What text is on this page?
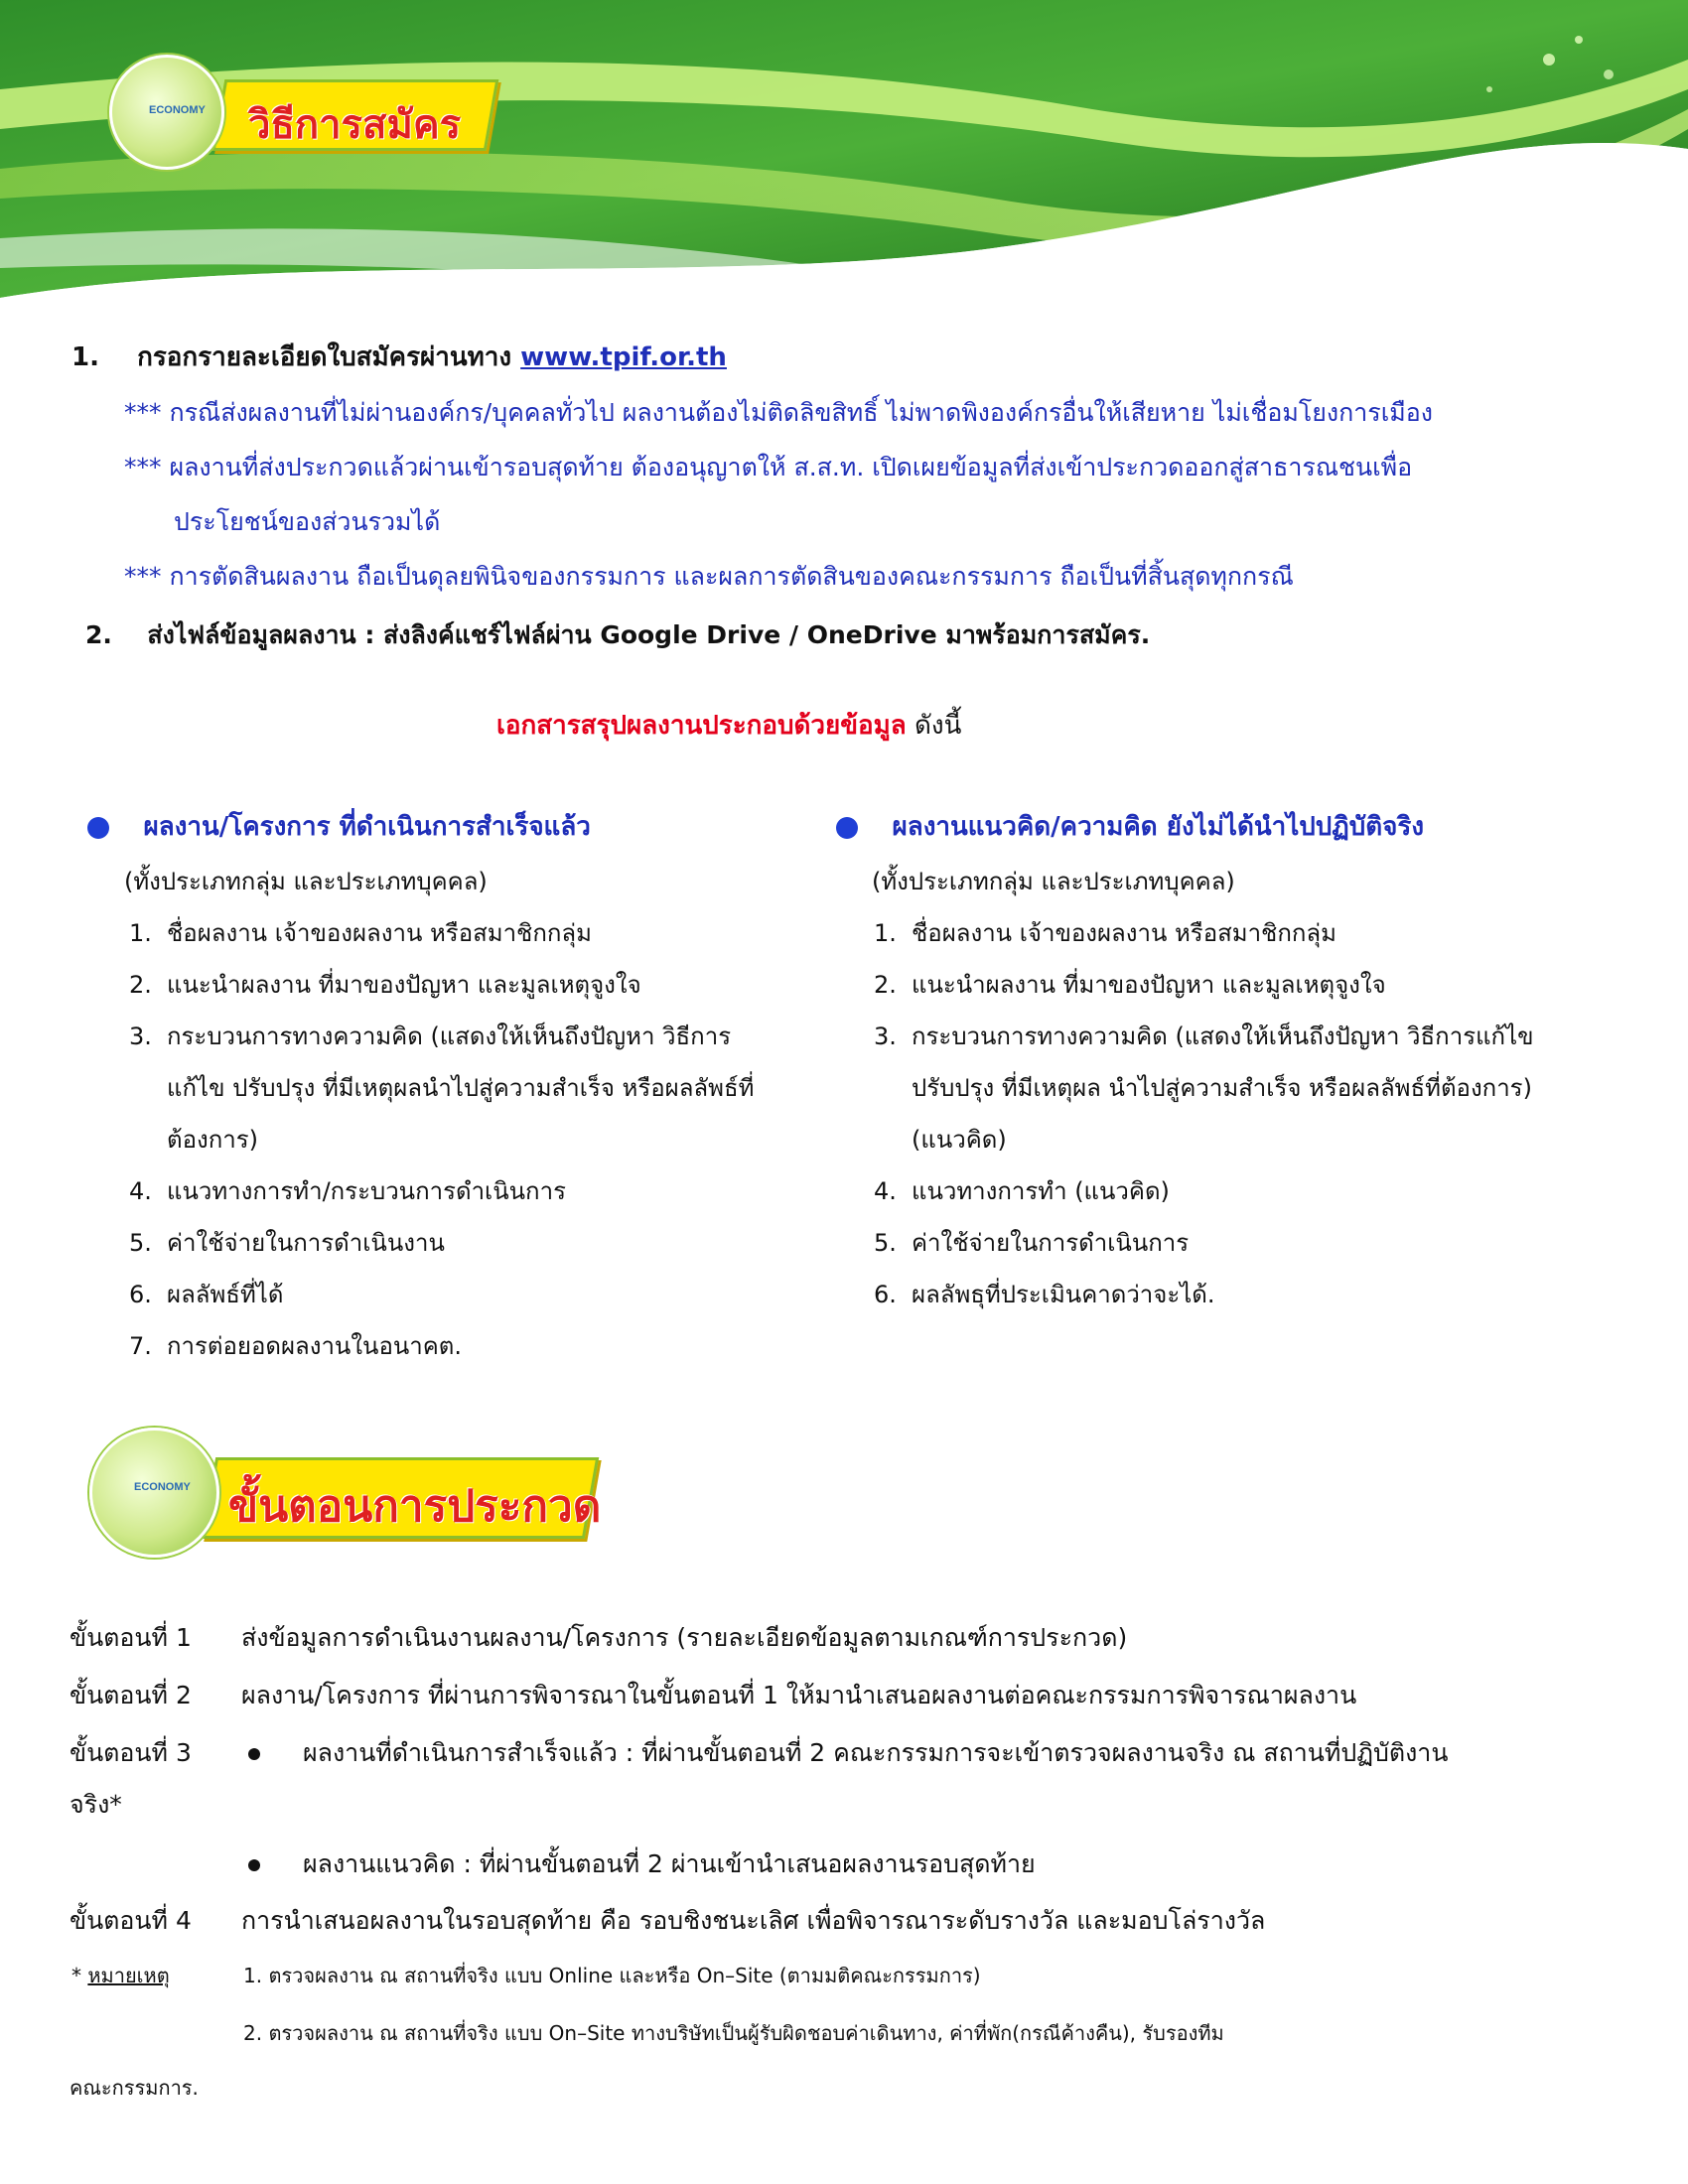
วิธีการสมัคร
ECONOMY
1. กรอกรายละเอียดใบสมัครผ่านทาง www.tpif.or.th
*** กรณีส่งผลงานที่ไม่ผ่านองค์กร/บุคคลทั่วไป ผลงานต้องไม่ติดลิขสิทธิ์ ไม่พาดพิงองค์กรอื่นให้เสียหาย ไม่เชื่อมโยงการเมือง
*** ผลงานที่ส่งประกวดแล้วผ่านเข้ารอบสุดท้าย ต้องอนุญาตให้ ส.ส.ท. เปิดเผยข้อมูลที่ส่งเข้าประกวดออกสู่สาธารณชนเพื่อ
ประโยชน์ของส่วนรวมได้
*** การตัดสินผลงาน ถือเป็นดุลยพินิจของกรรมการ และผลการตัดสินของคณะกรรมการ ถือเป็นที่สิ้นสุดทุกกรณี
2. ส่งไฟล์ข้อมูลผลงาน : ส่งลิงค์แชร์ไฟล์ผ่าน Google Drive / OneDrive มาพร้อมการสมัคร.
เอกสารสรุปผลงานประกอบด้วยข้อมูล ดังนี้
ผลงาน/โครงการ ที่ดำเนินการสำเร็จแล้ว
(ทั้งประเภทกลุ่ม และประเภทบุคคล)
1. ชื่อผลงาน เจ้าของผลงาน หรือสมาชิกกลุ่ม
2. แนะนำผลงาน ที่มาของปัญหา และมูลเหตุจูงใจ
3. กระบวนการทางความคิด (แสดงให้เห็นถึงปัญหา วิธีการ
แก้ไข ปรับปรุง ที่มีเหตุผลนำไปสู่ความสำเร็จ หรือผลลัพธ์ที่
ต้องการ)
4. แนวทางการทำ/กระบวนการดำเนินการ
5. ค่าใช้จ่ายในการดำเนินงาน
6. ผลลัพธ์ที่ได้
7. การต่อยอดผลงานในอนาคต.
ผลงานแนวคิด/ความคิด ยังไม่ได้นำไปปฏิบัติจริง
(ทั้งประเภทกลุ่ม และประเภทบุคคล)
1. ชื่อผลงาน เจ้าของผลงาน หรือสมาชิกกลุ่ม
2. แนะนำผลงาน ที่มาของปัญหา และมูลเหตุจูงใจ
3. กระบวนการทางความคิด (แสดงให้เห็นถึงปัญหา วิธีการแก้ไข
ปรับปรุง ที่มีเหตุผล นำไปสู่ความสำเร็จ หรือผลลัพธ์ที่ต้องการ)
(แนวคิด)
4. แนวทางการทำ (แนวคิด)
5. ค่าใช้จ่ายในการดำเนินการ
6. ผลลัพธุที่ประเมินคาดว่าจะได้.
ขั้นตอนการประกวด
ECONOMY
ขั้นตอนที่ 1 ส่งข้อมูลการดำเนินงานผลงาน/โครงการ (รายละเอียดข้อมูลตามเกณฑ์การประกวด)
ขั้นตอนที่ 2 ผลงาน/โครงการ ที่ผ่านการพิจารณาในขั้นตอนที่ 1 ให้มานำเสนอผลงานต่อคณะกรรมการพิจารณาผลงาน
ขั้นตอนที่ 3	ผลงานที่ดำเนินการสำเร็จแล้ว : ที่ผ่านขั้นตอนที่ 2 คณะกรรมการจะเข้าตรวจผลงานจริง ณ สถานที่ปฏิบัติงาน
จริง*
ผลงานแนวคิด : ที่ผ่านขั้นตอนที่ 2 ผ่านเข้านำเสนอผลงานรอบสุดท้าย
ขั้นตอนที่ 4 การนำเสนอผลงานในรอบสุดท้าย คือ รอบชิงชนะเลิศ เพื่อพิจารณาระดับรางวัล และมอบโล่รางวัล
* หมายเหตุ	1. ตรวจผลงาน ณ สถานที่จริง แบบ Online และหรือ On–Site (ตามมติคณะกรรมการ)
2. ตรวจผลงาน ณ สถานที่จริง แบบ On–Site ทางบริษัทเป็นผู้รับผิดชอบค่าเดินทาง, ค่าที่พัก(กรณีค้างคืน), รับรองทีม
คณะกรรมการ.
